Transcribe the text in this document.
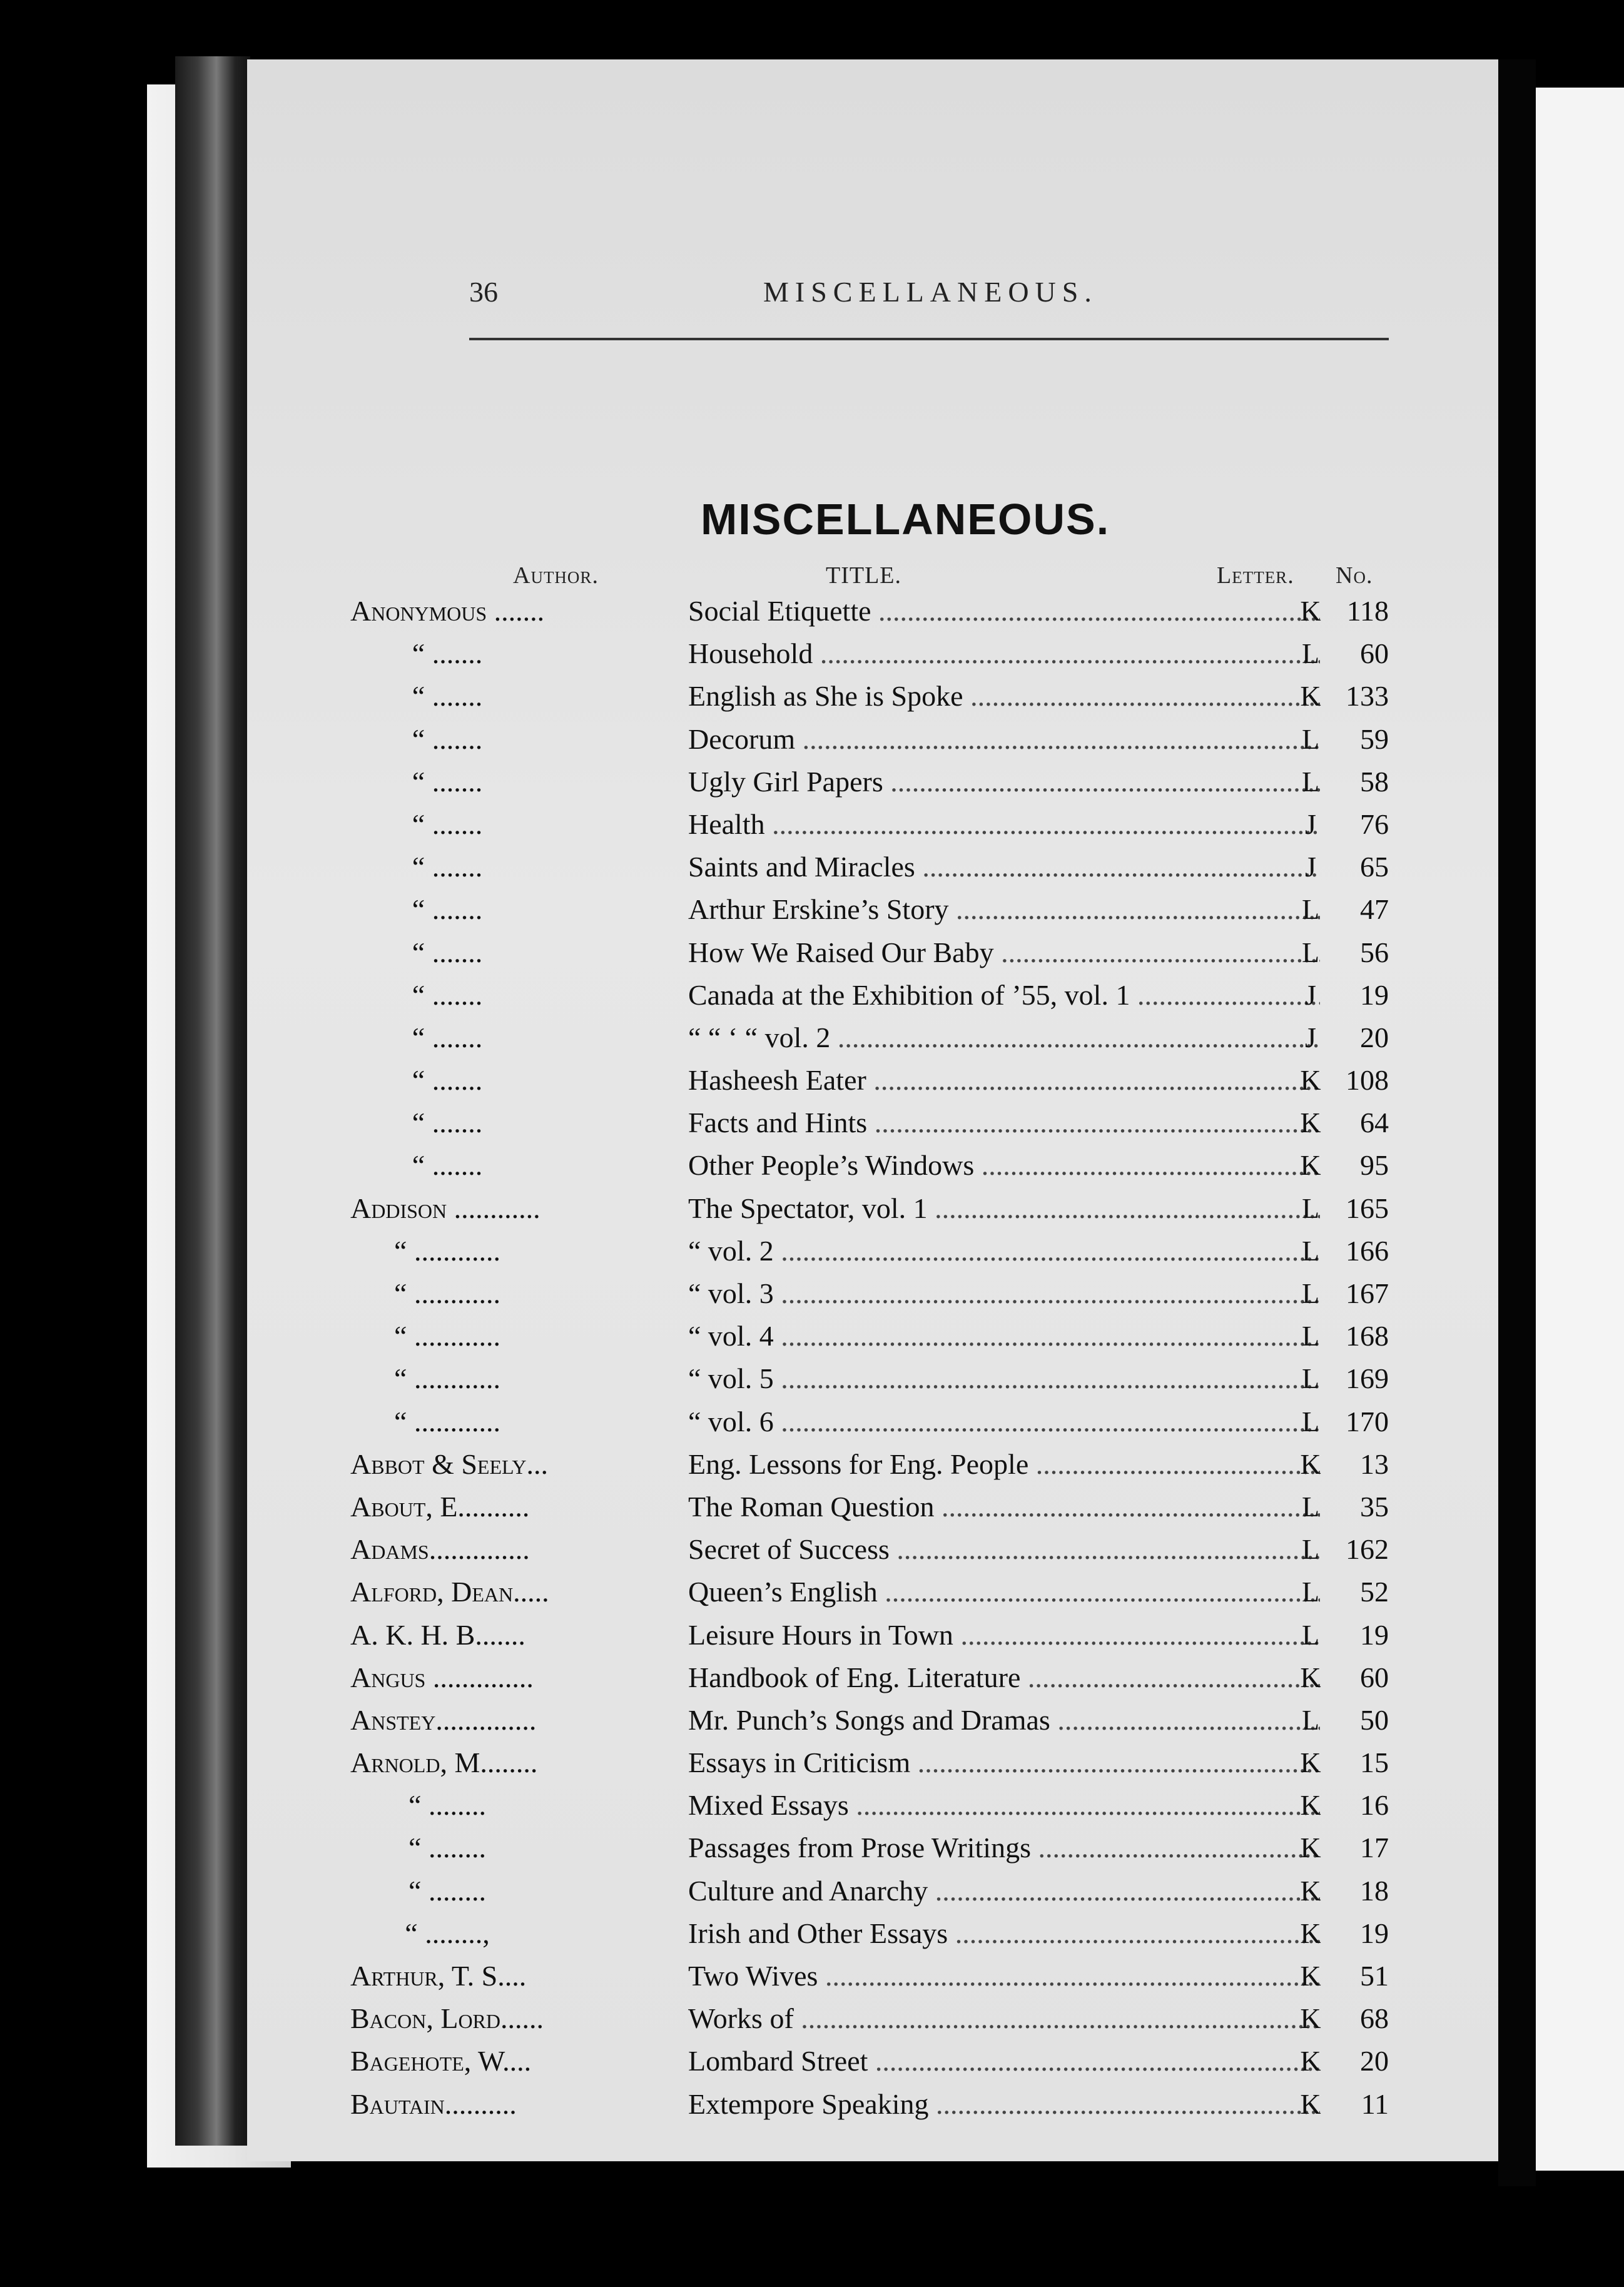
36	MISCELLANEOUS.
MISCELLANEOUS.
Author.	TITLE.	Letter. No.
Anonymous .......	Social Etiquette .....	K 118
“ .......	Household .....	L	60
“ .......	English as She is Spoke .....	K 133
“ .......	Decorum .....	L	59
“ .......	Ugly Girl Papers .....	L	58
“ .......	Health .....	J	76
“ .......	Saints and Miracles .....	J	65
“ .......	Arthur Erskine’s Story .....	L	47
“ .......	How We Raised Our Baby .....	L	56
“ .......	Canada at the Exhibition of ’55, vol. 1 .....	J	19
“ .......	“ “ ‘ “ vol. 2 .....	J	20
“ .......	Hasheesh Eater .....	K 108
“ .......	Facts and Hints .....	K	64
“ .......	Other People’s Windows .....	K	95
Addison ............	The Spectator, vol. 1 .....	L 165
“ ............	“ vol. 2 .....	L 166
“ ............	“ vol. 3 .....	L 167
“ ............	“ vol. 4 .....	L 168
“ ............	“ vol. 5 .....	L 169
“ ............	“ vol. 6 .....	L 170
Abbot & Seely...	Eng. Lessons for Eng. People .....	K	13
About, E..........	The Roman Question .....	L	35
Adams..............	Secret of Success .....	L 162
Alford, Dean.....	Queen’s English .....	L	52
A. K. H. B.......	Leisure Hours in Town .....	L	19
Angus ..............	Handbook of Eng. Literature .....	K	60
Anstey..............	Mr. Punch’s Songs and Dramas .....	L	50
Arnold, M........	Essays in Criticism .....	K	15
“ ........	Mixed Essays .....	K	16
“ ........	Passages from Prose Writings .....	K	17
“ ........	Culture and Anarchy .....	K	18
“ ........,	Irish and Other Essays .....	K	19
Arthur, T. S....	Two Wives .....	K	51
Bacon, Lord......	Works of .....	K	68
Bagehote, W....	Lombard Street .....	K	20
Bautain..........	Extempore Speaking .....	K	11
